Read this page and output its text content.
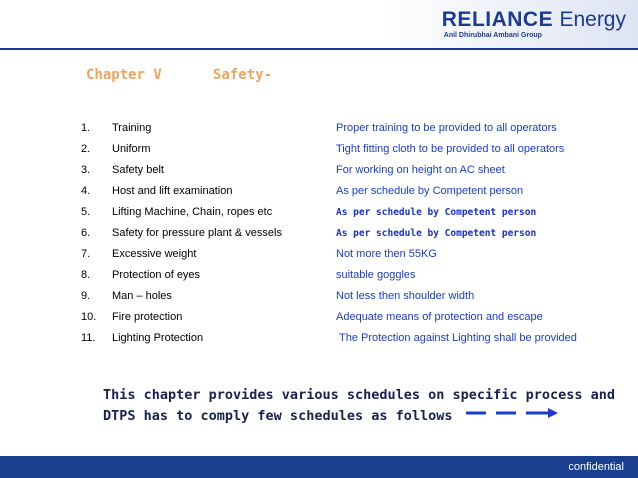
RELIANCE Energy
Anil Dhirubhai Ambani Group
Chapter V	Safety-
1. Training	Proper training to be provided to all operators
2. Uniform	Tight fitting cloth to be provided to all operators
3. Safety belt	For working on height on AC sheet
4. Host and lift examination	As per schedule by Competent person
5. Lifting Machine, Chain, ropes etc	As per schedule by Competent person
6. Safety for pressure plant & vessels	As per schedule by Competent person
7. Excessive weight	Not more then 55KG
8. Protection of eyes	suitable goggles
9. Man – holes	Not less then shoulder width
10. Fire protection	Adequate means of protection and escape
11. Lighting Protection	The Protection against Lighting shall be provided
This chapter provides various schedules on specific process and
DTPS has to comply few schedules as follows
confidential
